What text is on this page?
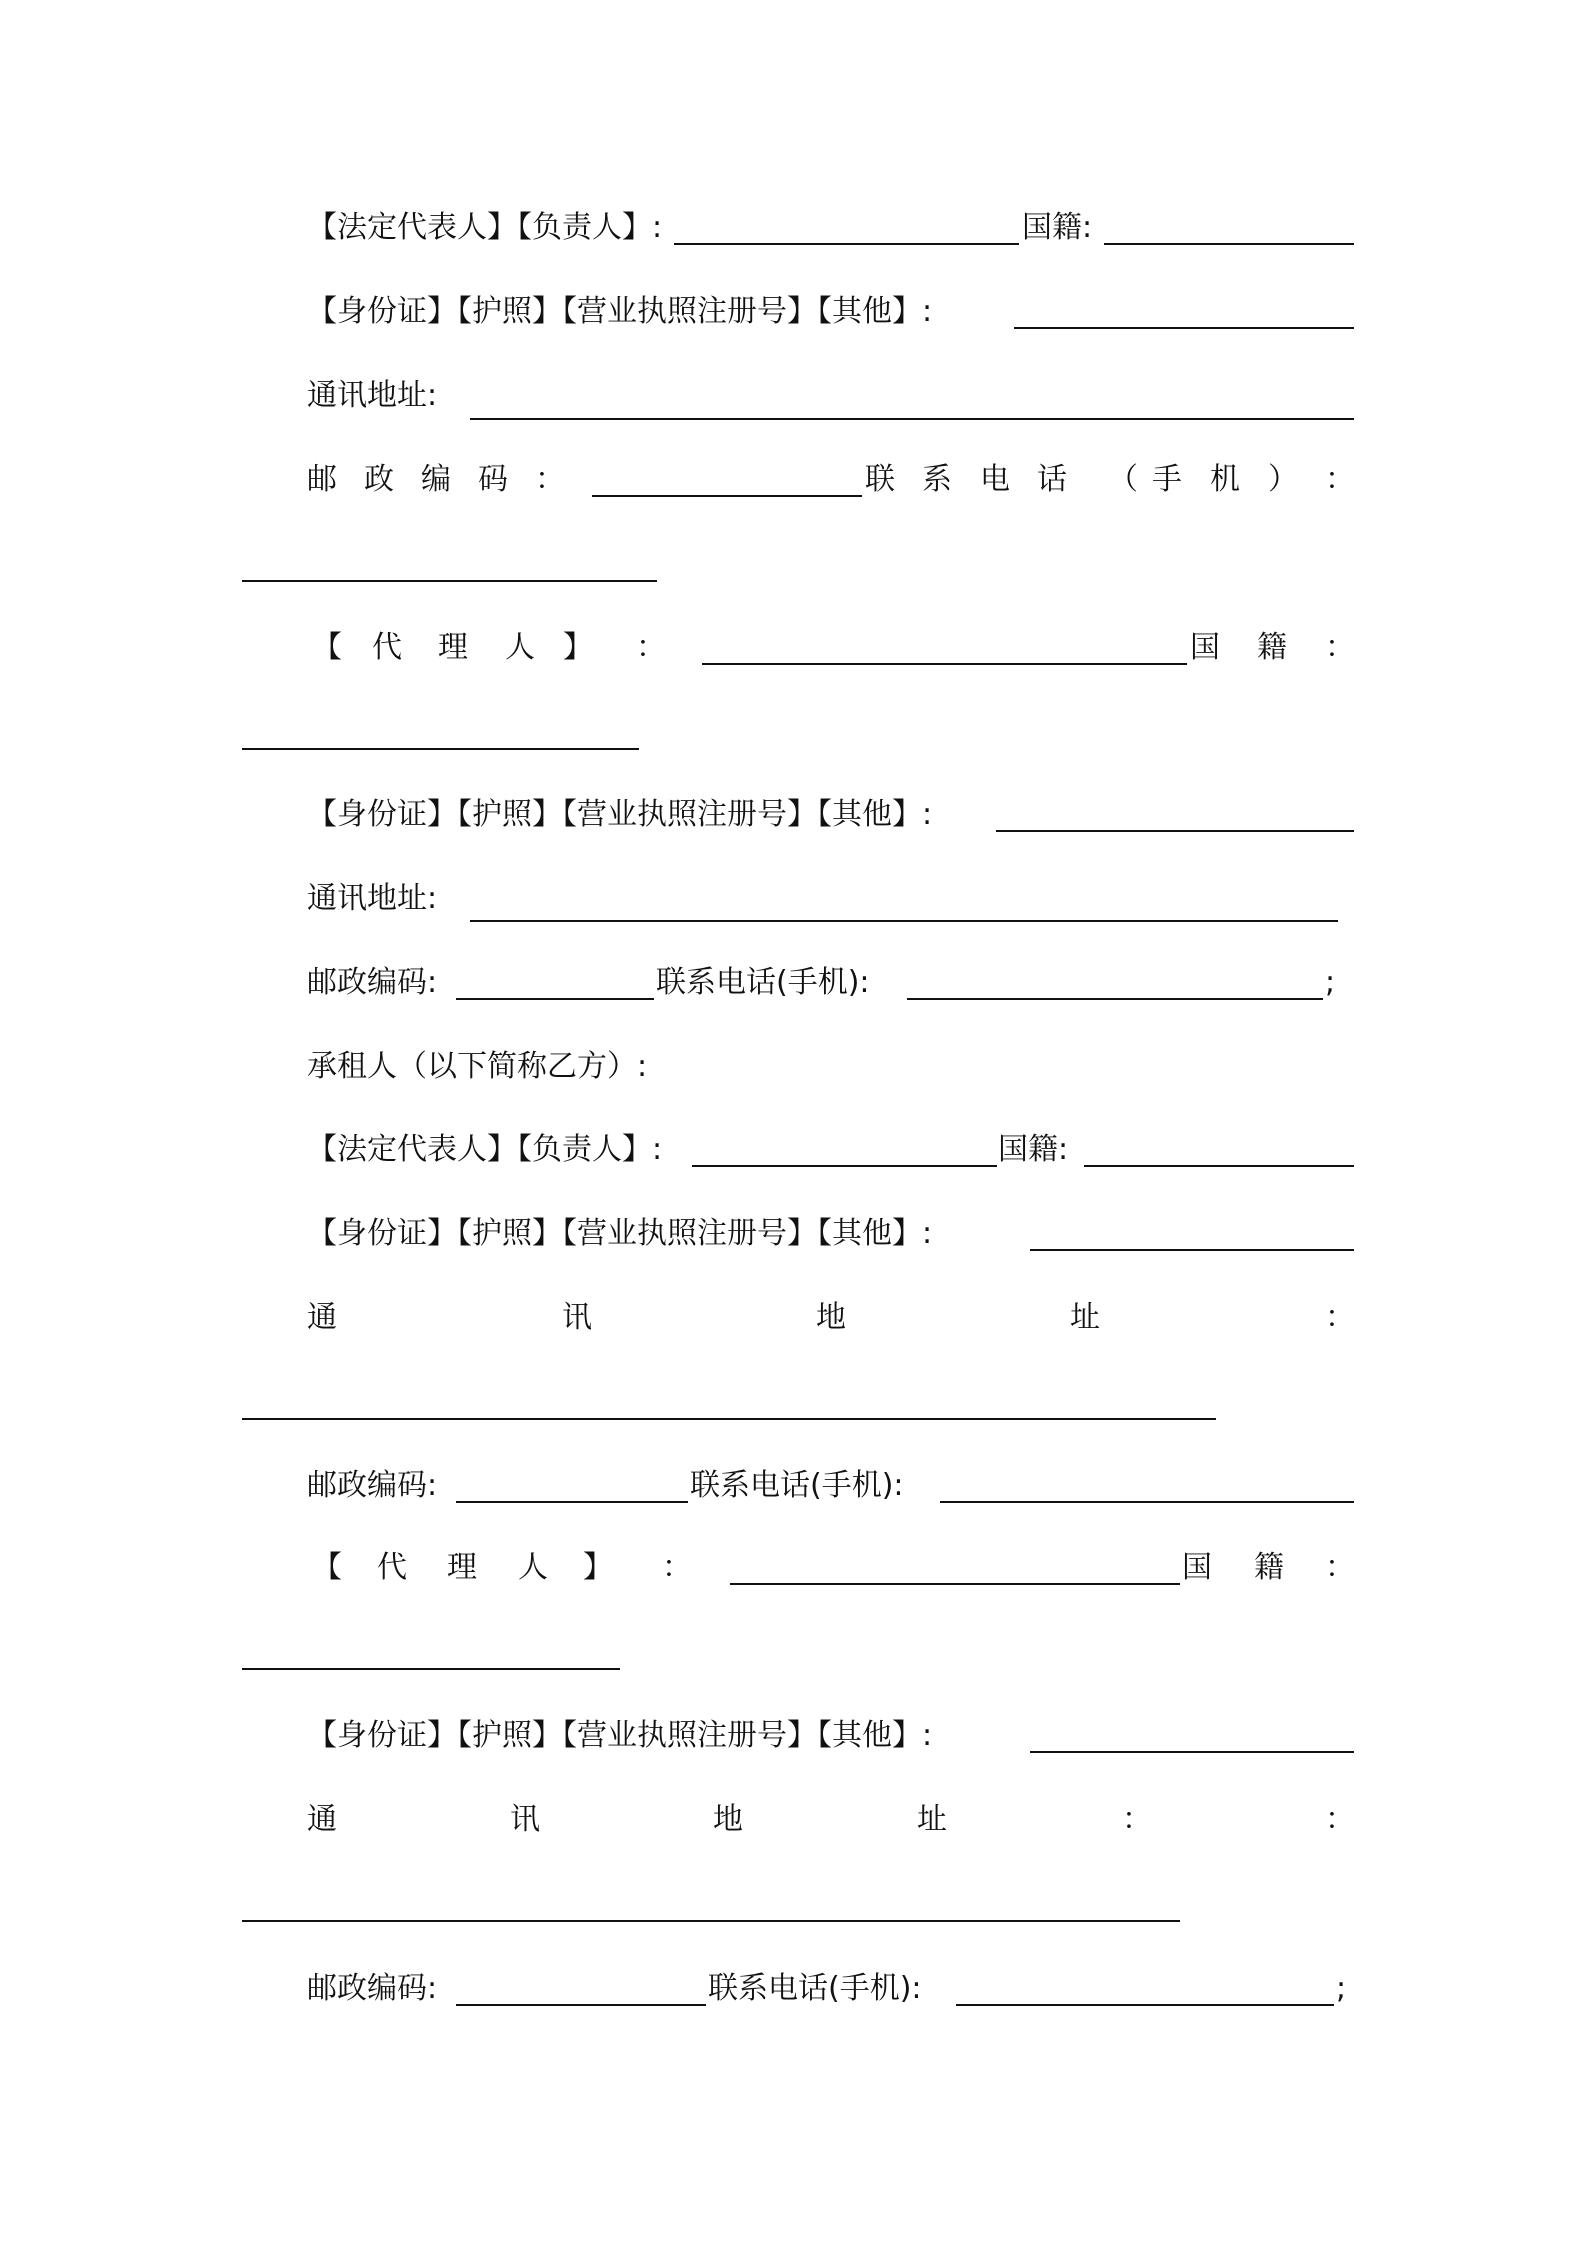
【法定代表人】【负责人】:	国籍:
【身份证】【护照】【营业执照注册号】【其他】:
通讯地址:
邮 政 编 码 ：	联 系 电 话 （ 手 机 ） ：
【 代 理 人 】 ：	国 籍 ：
【身份证】【护照】【营业执照注册号】【其他】:
通讯地址:
邮政编码:	联系电话(手机):	;
承租人（以下简称乙方）:
【法定代表人】【负责人】:	国籍:
【身份证】【护照】【营业执照注册号】【其他】:
通	讯	地	址	：
邮政编码:	联系电话(手机):
【 代 理 人 】 ：	国 籍 ：
【身份证】【护照】【营业执照注册号】【其他】:
通	讯	地	址	：	：
邮政编码:	联系电话(手机):	;
